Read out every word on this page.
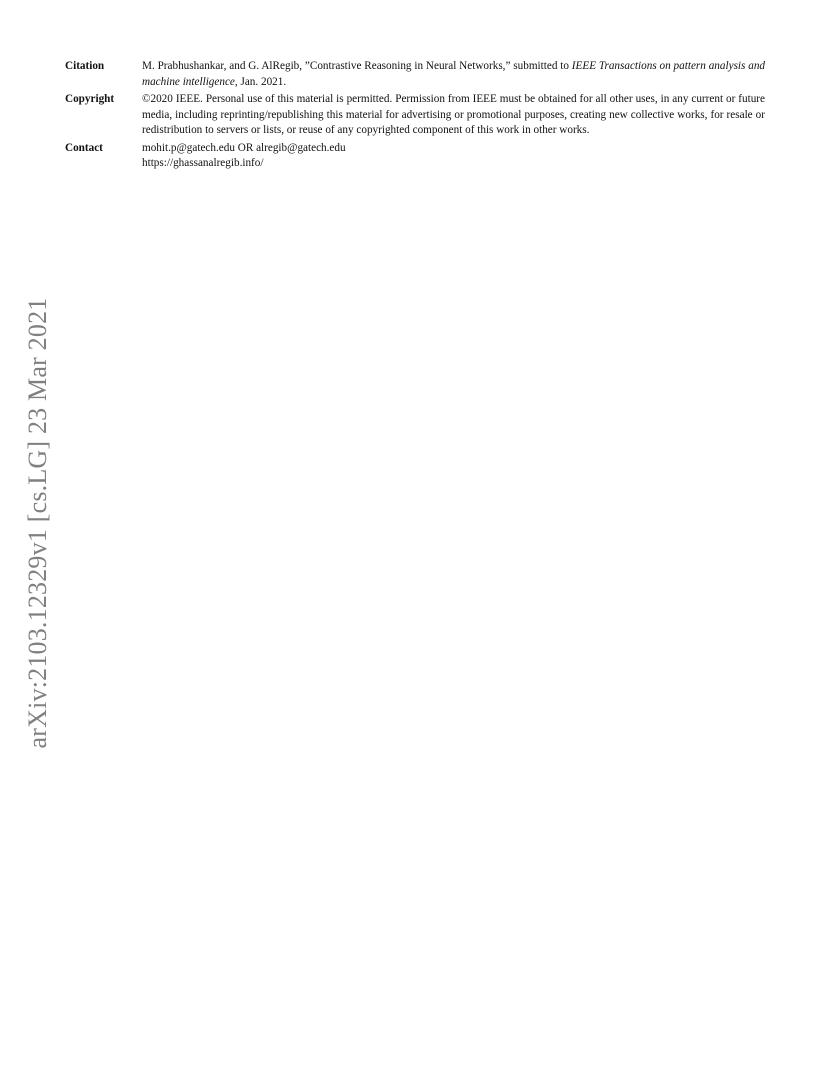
arXiv:2103.12329v1 [cs.LG] 23 Mar 2021
Citation	M. Prabhushankar, and G. AlRegib, ”Contrastive Reasoning in Neural Networks,” submitted to IEEE Transactions on pattern analysis and machine intelligence, Jan. 2021.
Copyright	©2020 IEEE. Personal use of this material is permitted. Permission from IEEE must be obtained for all other uses, in any current or future media, including reprinting/republishing this material for advertising or promotional purposes, creating new collective works, for resale or redistribution to servers or lists, or reuse of any copyrighted component of this work in other works.
Contact	mohit.p@gatech.edu OR alregib@gatech.edu
https://ghassanalregib.info/
